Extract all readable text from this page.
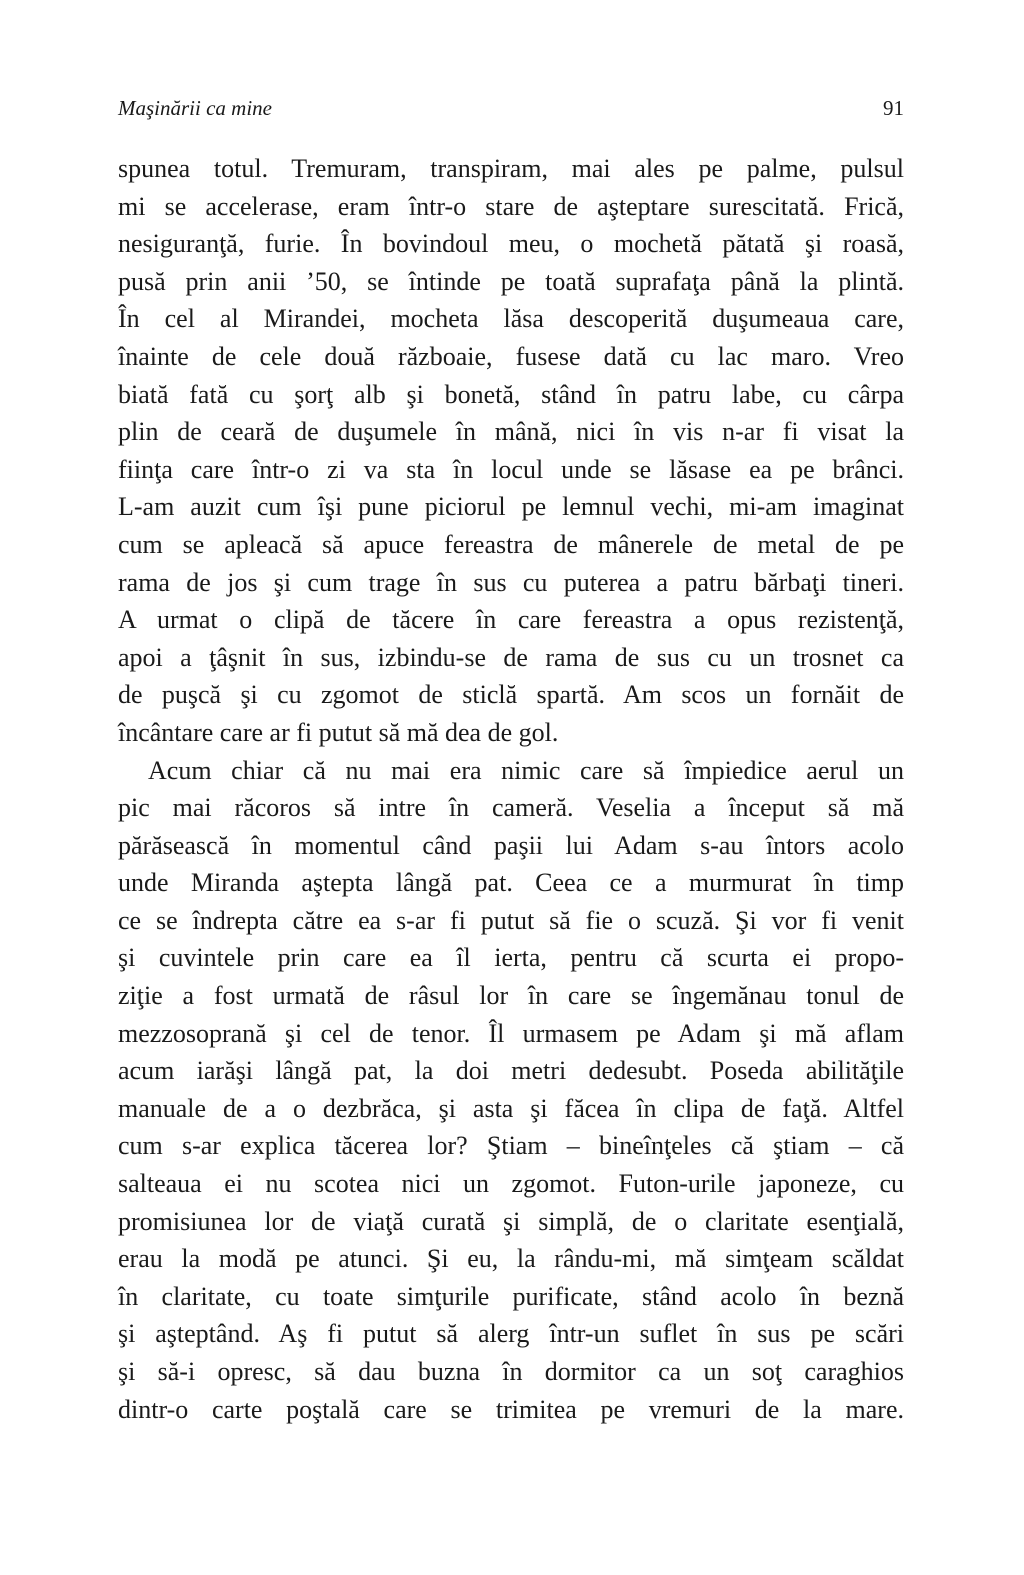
Maşinării ca mine	91
spunea totul. Tremuram, transpiram, mai ales pe palme, pulsul
mi se accelerase, eram într-o stare de aşteptare surescitată. Frică,
nesiguranţă, furie. În bovindoul meu, o mochetă pătată şi roasă,
pusă prin anii ’50, se întinde pe toată suprafaţa până la plintă.
În cel al Mirandei, mocheta lăsa descoperită duşumeaua care,
înainte de cele două războaie, fusese dată cu lac maro. Vreo
biată fată cu şorţ alb şi bonetă, stând în patru labe, cu cârpa
plin de ceară de duşumele în mână, nici în vis n-ar fi visat la
fiinţa care într-o zi va sta în locul unde se lăsase ea pe brânci.
L-am auzit cum îşi pune piciorul pe lemnul vechi, mi-am imaginat
cum se apleacă să apuce fereastra de mânerele de metal de pe
rama de jos şi cum trage în sus cu puterea a patru bărbaţi tineri.
A urmat o clipă de tăcere în care fereastra a opus rezistenţă,
apoi a ţâşnit în sus, izbindu-se de rama de sus cu un trosnet ca
de puşcă şi cu zgomot de sticlă spartă. Am scos un fornăit de
încântare care ar fi putut să mă dea de gol.
Acum chiar că nu mai era nimic care să împiedice aerul un
pic mai răcoros să intre în cameră. Veselia a început să mă
părăsească în momentul când paşii lui Adam s-au întors acolo
unde Miranda aştepta lângă pat. Ceea ce a murmurat în timp
ce se îndrepta către ea s-ar fi putut să fie o scuză. Şi vor fi venit
şi cuvintele prin care ea îl ierta, pentru că scurta ei propo-
ziţie a fost urmată de râsul lor în care se îngemănau tonul de
mezzosoprană şi cel de tenor. Îl urmasem pe Adam şi mă aflam
acum iarăşi lângă pat, la doi metri dedesubt. Poseda abilităţile
manuale de a o dezbrăca, şi asta şi făcea în clipa de faţă. Altfel
cum s-ar explica tăcerea lor? Ştiam – bineînţeles că ştiam – că
salteaua ei nu scotea nici un zgomot. Futon-urile japoneze, cu
promisiunea lor de viaţă curată şi simplă, de o claritate esenţială,
erau la modă pe atunci. Şi eu, la rându-mi, mă simţeam scăldat
în claritate, cu toate simţurile purificate, stând acolo în beznă
şi aşteptând. Aş fi putut să alerg într-un suflet în sus pe scări
şi să-i opresc, să dau buzna în dormitor ca un soţ caraghios
dintr-o carte poştală care se trimitea pe vremuri de la mare.
